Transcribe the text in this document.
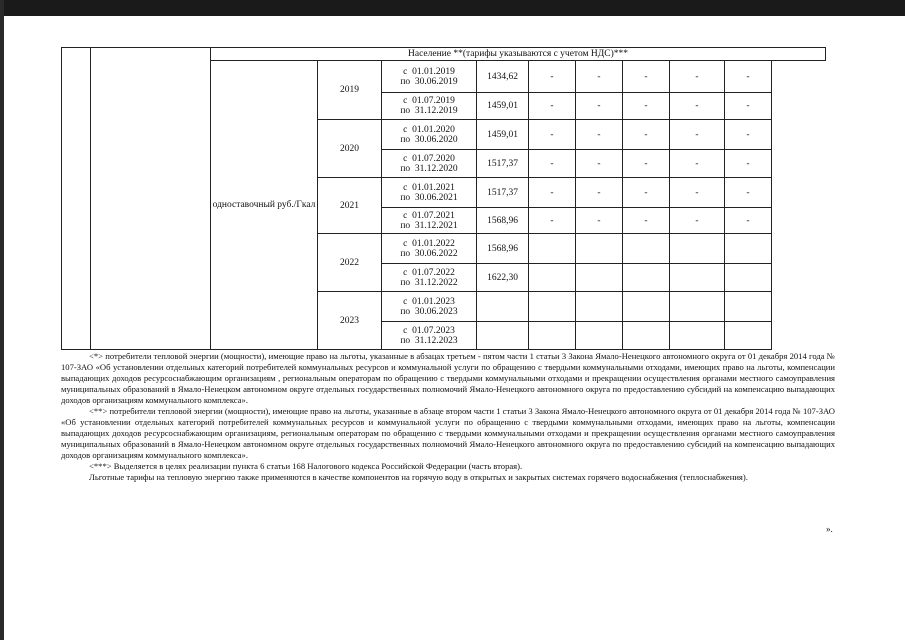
		Население **(тарифы указываются с учетом НДС)***								
		одноставочный руб./Гкал	2019	с  01.01.2019
по  30.06.2019	1434,62	-	-	-	-	-

				с  01.07.2019
по  31.12.2019	1459,01	-	-	-	-	-
			2020	с  01.01.2020
по  30.06.2020	1459,01	-	-	-	-	-

				с  01.07.2020
по  31.12.2020	1517,37	-	-	-	-	-
			2021	с  01.01.2021
по  30.06.2021	1517,37	-	-	-	-	-

				с  01.07.2021
по  31.12.2021	1568,96	-	-	-	-	-
			2022	с  01.01.2022
по  30.06.2022	1568,96					

				с  01.07.2022
по  31.12.2022	1622,30					
			2023	с  01.01.2023
по  30.06.2023						

				с  01.07.2023
по  31.12.2023						

<*> потребители тепловой энергии (мощности), имеющие право на льготы, указанные в абзацах третьем - пятом части 1 статьи 3 Закона Ямало-Ненецкого автономного округа от 01 декабря 2014 года № 107-ЗАО «Об установлении отдельных категорий потребителей коммунальных ресурсов и коммунальной услуги по обращению с твердыми коммунальными отходами, имеющих право на льготы, компенсации выпадающих доходов ресурсоснабжающим организациям , региональным операторам по обращению с твердыми коммунальными отходами и прекращении осуществления органами местного самоуправления муниципальных образований в Ямало-Ненецком автономном округе отдельных государственных полномочий Ямало-Ненецкого автономного округа по предоставлению субсидий на компенсацию выпадающих доходов организациям коммунального комплекса».

<**> потребители тепловой энергии (мощности), имеющие право на льготы, указанные в абзаце втором части 1 статьи 3 Закона Ямало-Ненецкого автономного округа от 01 декабря 2014 года № 107-ЗАО «Об установлении отдельных категорий потребителей коммунальных ресурсов и коммунальной услуги по обращению с твердыми коммунальными отходами, имеющих право на льготы, компенсации выпадающих доходов ресурсоснабжающим организациям, региональным операторам по обращению с твердыми коммунальными отходами и прекращении осуществления органами местного самоуправления муниципальных образований в Ямало-Ненецком автономном округе отдельных государственных полномочий Ямало-Ненецкого автономного округа по предоставлению субсидий на компенсацию выпадающих доходов организациям коммунального комплекса».

<***> Выделяется в целях реализации пункта 6 статьи 168 Налогового кодекса Российской Федерации (часть вторая).

Льготные тарифы на тепловую энергию также применяются в качестве компонентов на горячую воду в открытых и закрытых системах горячего водоснабжения (теплоснабжения).

».
